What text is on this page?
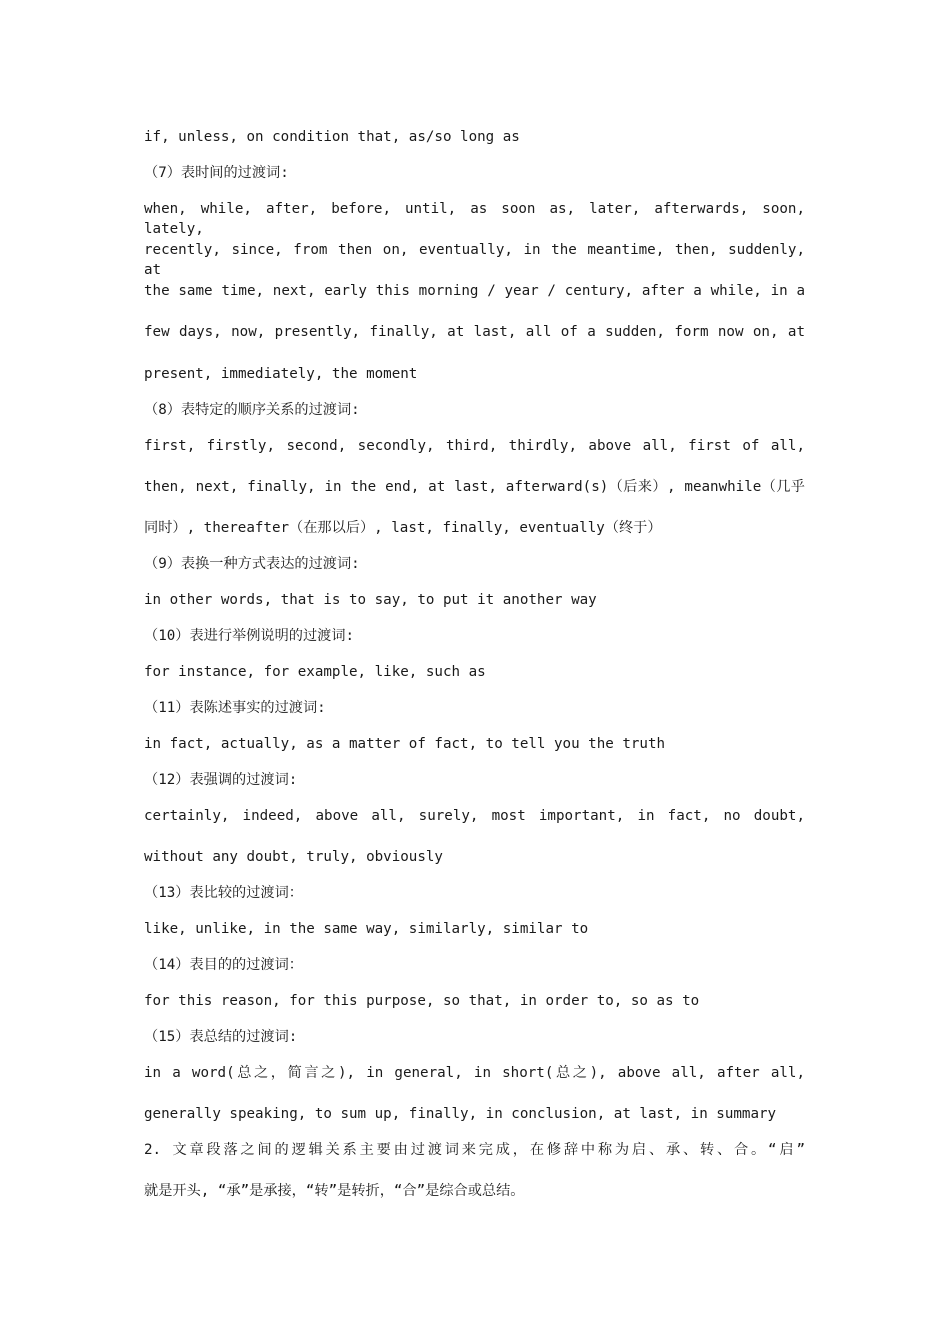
if, unless, on condition that, as/so long as
（7）表时间的过渡词:
when, while, after, before, until, as soon as, later, afterwards, soon, lately,
recently, since, from then on, eventually, in the meantime, then, suddenly, at
the same time, next, early this morning / year / century, after a while, in a
few days, now, presently, finally, at last, all of a sudden, form now on, at
present, immediately, the moment
（8）表特定的顺序关系的过渡词:
first, firstly, second, secondly, third, thirdly, above all, first of all,
then, next, finally, in the end, at last, afterward(s)（后来）, meanwhile（几乎
同时）, thereafter（在那以后）, last, finally, eventually（终于）
（9）表换一种方式表达的过渡词:
in other words, that is to say, to put it another way
（10）表进行举例说明的过渡词:
for instance, for example, like, such as
（11）表陈述事实的过渡词:
in fact, actually, as a matter of fact, to tell you the truth
（12）表强调的过渡词:
certainly, indeed, above all, surely, most important, in fact, no doubt,
without any doubt, truly, obviously
（13）表比较的过渡词：
like, unlike, in the same way, similarly, similar to
（14）表目的的过渡词：
for this reason, for this purpose, so that, in order to, so as to
（15）表总结的过渡词:
in a word(总之，简言之), in general, in short(总之), above all, after all,
generally speaking, to sum up, finally, in conclusion, at last, in summary
2. 文章段落之间的逻辑关系主要由过渡词来完成，在修辞中称为启、承、转、合。“启”
就是开头, “承”是承接，“转”是转折，“合”是综合或总结。
